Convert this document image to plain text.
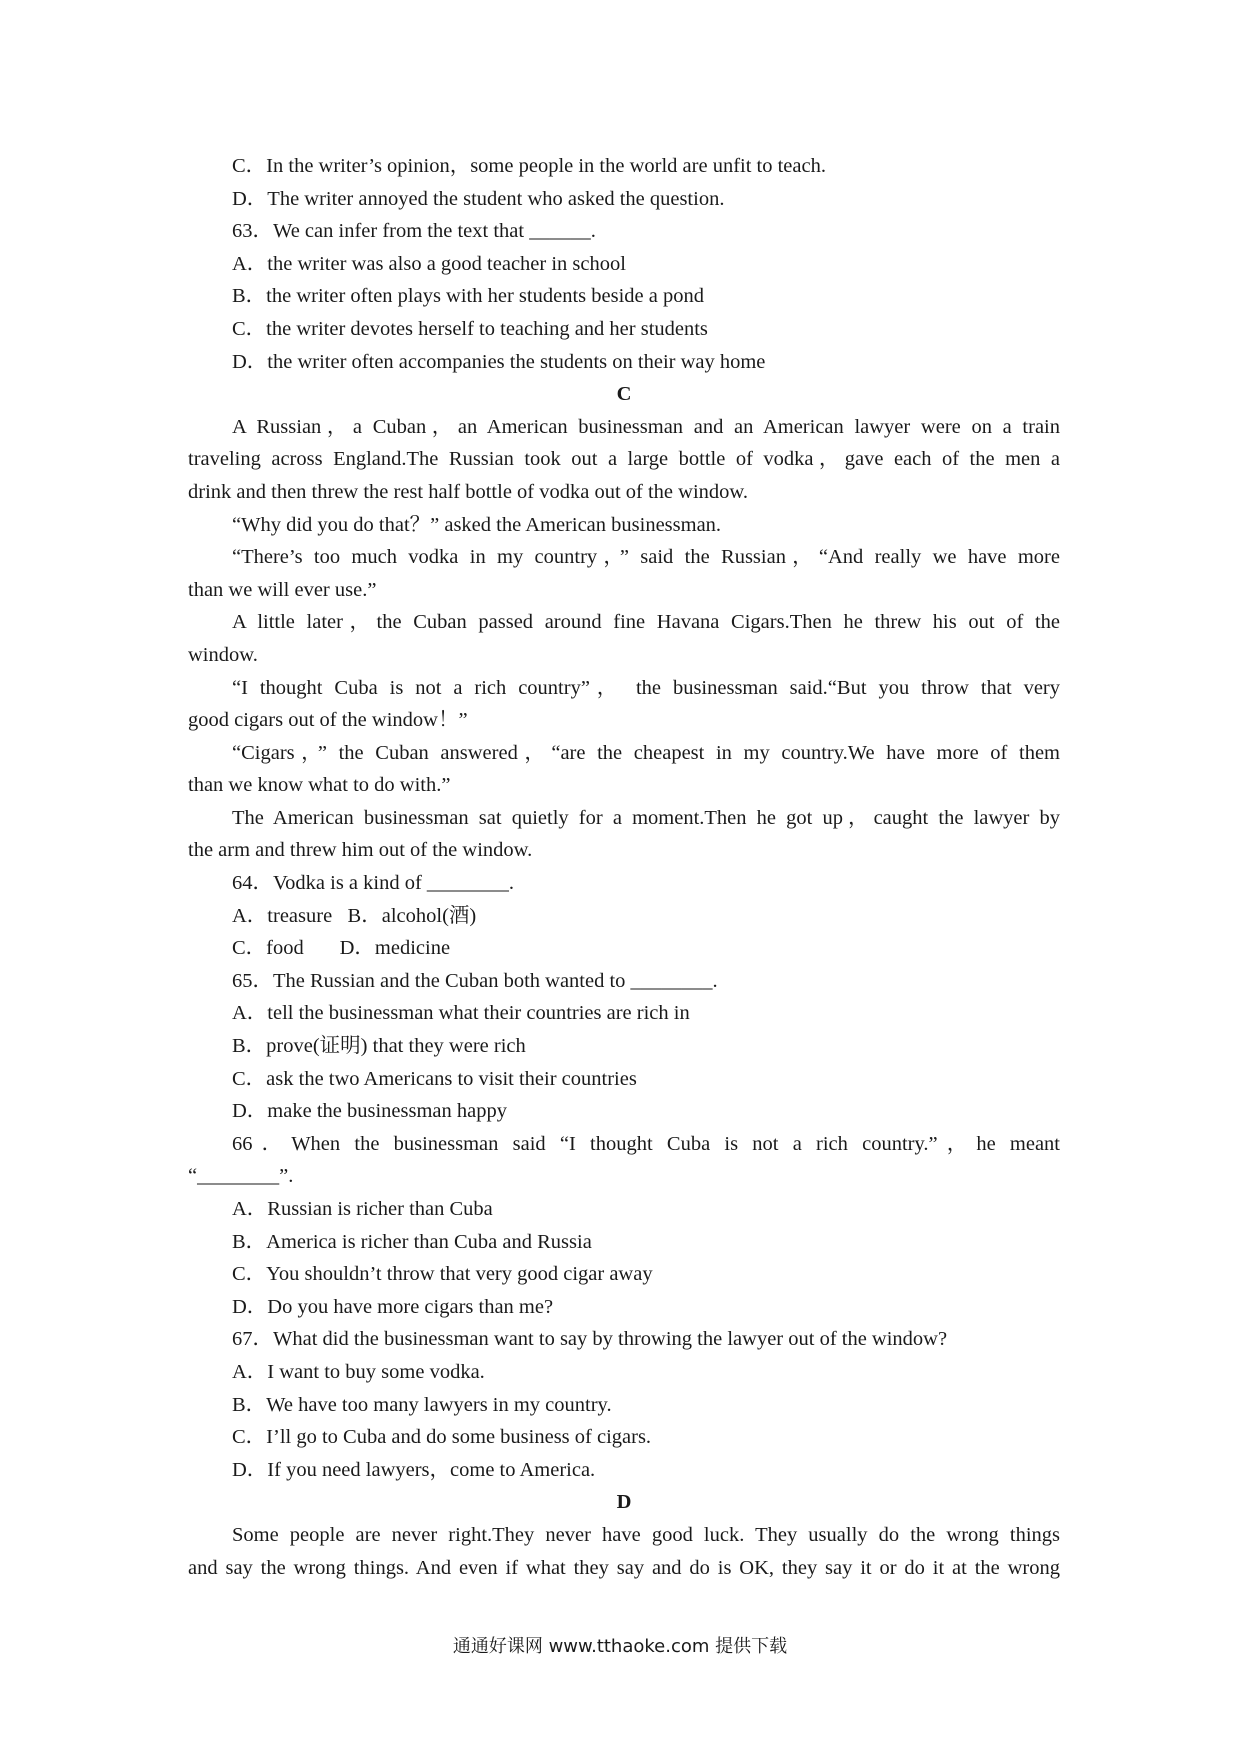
C．In the writer’s opinion，some people in the world are unfit to teach.
D．The writer annoyed the student who asked the question.
63．We can infer from the text that ______.
A．the writer was also a good teacher in school
B．the writer often plays with her students beside a pond
C．the writer devotes herself to teaching and her students
D．the writer often accompanies the students on their way home
C
A Russian，a Cuban，an American businessman and an American lawyer were on a train
traveling across England.The Russian took out a large bottle of vodka，gave each of the men a
drink and then threw the rest half bottle of vodka out of the window.
“Why did you do that？” asked the American businessman.
“There’s too much vodka in my country，” said the Russian，“And really we have more
than we will ever use.”
A little later，the Cuban passed around fine Havana Cigars.Then he threw his out of the
window.
“I thought Cuba is not a rich country”， the businessman said.“But you throw that very
good cigars out of the window！”
“Cigars，” the Cuban answered，“are the cheapest in my country.We have more of them
than we know what to do with.”
The American businessman sat quietly for a moment.Then he got up，caught the lawyer by
the arm and threw him out of the window.
64．Vodka is a kind of ________.
A．treasure   B．alcohol(酒)
C．food       D．medicine
65．The Russian and the Cuban both wanted to ________.
A．tell the businessman what their countries are rich in
B．prove(证明) that they were rich
C．ask the two Americans to visit their countries
D．make the businessman happy
66．When the businessman said “I thought Cuba is not a rich country.”，he meant
“________”.
A．Russian is richer than Cuba
B．America is richer than Cuba and Russia
C．You shouldn’t throw that very good cigar away
D．Do you have more cigars than me?
67．What did the businessman want to say by throwing the lawyer out of the window?
A．I want to buy some vodka.
B．We have too many lawyers in my country.
C．I’ll go to Cuba and do some business of cigars.
D．If you need lawyers，come to America.
D
Some people are never right.They never have good luck. They usually do the wrong things
and say the wrong things. And even if what they say and do is OK, they say it or do it at the wrong
通通好课网 www.tthaoke.com 提供下载
